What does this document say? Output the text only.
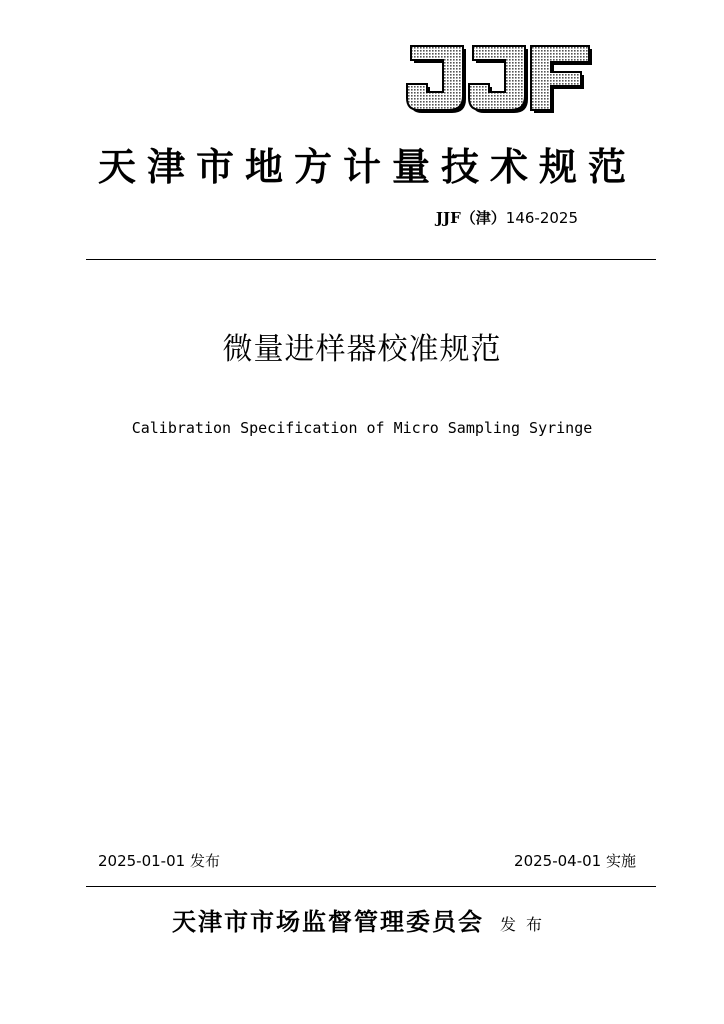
天津市地方计量技术规范
JJF（津）146-2025
微量进样器校准规范
Calibration Specification of Micro Sampling Syringe
2025-01-01 发布	2025-04-01 实施
天津市市场监督管理委员会 发布
